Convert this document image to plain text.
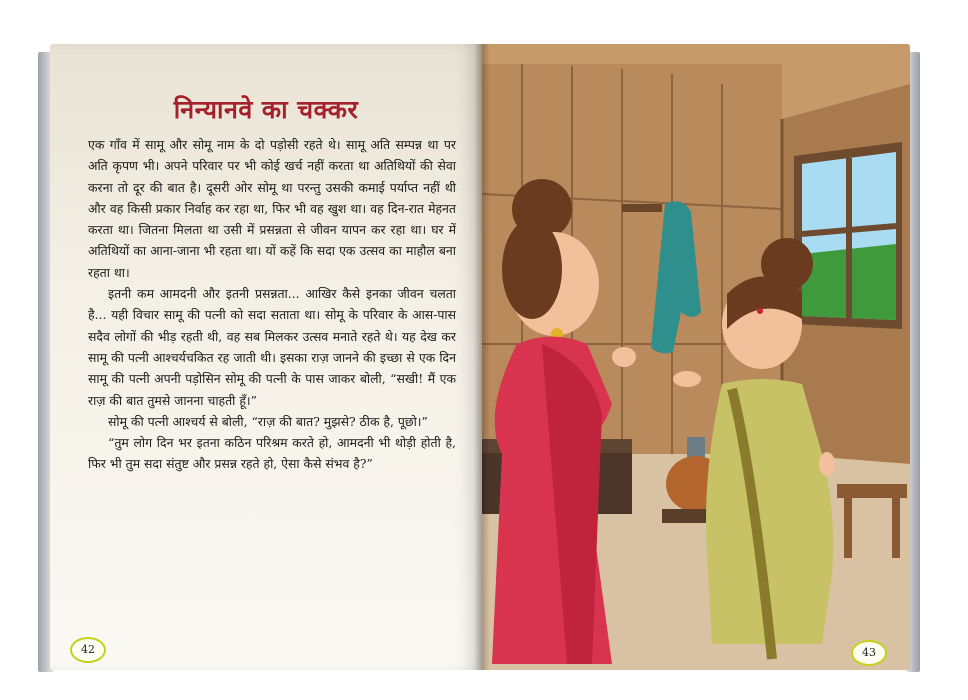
निन्यानवे का चक्कर

एक गाँव में सामू और सोमू नाम के दो पड़ोसी रहते थे। सामू अति सम्पन्न था पर अति कृपण भी। अपने परिवार पर भी कोई खर्च नहीं करता था अतिथियों की सेवा करना तो दूर की बात है। दूसरी ओर सोमू था परन्तु उसकी कमाई पर्याप्त नहीं थी और वह किसी प्रकार निर्वाह कर रहा था, फिर भी वह खुश था। वह दिन-रात मेहनत करता था। जितना मिलता था उसी में प्रसन्नता से जीवन यापन कर रहा था। घर में अतिथियों का आना-जाना भी रहता था। यों कहें कि सदा एक उत्सव का माहौल बना रहता था।

इतनी कम आमदनी और इतनी प्रसन्नता... आखिर कैसे इनका जीवन चलता है... यही विचार सामू की पत्नी को सदा सताता था। सोमू के परिवार के आस-पास सदैव लोगों की भीड़ रहती थी, वह सब मिलकर उत्सव मनाते रहते थे। यह देख कर सामू की पत्नी आश्चर्यचकित रह जाती थी। इसका राज़ जानने की इच्छा से एक दिन सामू की पत्नी अपनी पड़ोसिन सोमू की पत्नी के पास जाकर बोली, “सखी! मैं एक राज़ की बात तुमसे जानना चाहती हूँ।”

सोमू की पत्नी आश्चर्य से बोली, “राज़ की बात? मुझसे? ठीक है, पूछो।”

“तुम लोग दिन भर इतना कठिन परिश्रम करते हो, आमदनी भी थोड़ी होती है, फिर भी तुम सदा संतुष्ट और प्रसन्न रहते हो, ऐसा कैसे संभव है?”

42	43
